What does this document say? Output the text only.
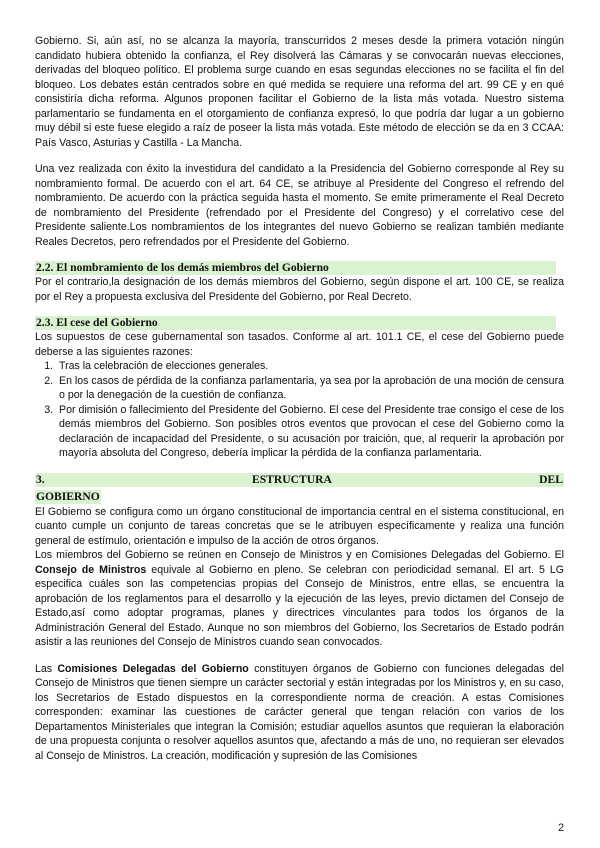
Gobierno. Si, aún así, no se alcanza la mayoría, transcurridos 2 meses desde la primera votación ningún candidato hubiera obtenido la confianza, el Rey disolverá las Cámaras y se convocarán nuevas elecciones, derivadas del bloqueo político. El problema surge cuando en esas segundas elecciones no se facilita el fin del bloqueo. Los debates están centrados sobre en qué medida se requiere una reforma del art. 99 CE y en qué consistiría dicha reforma. Algunos proponen facilitar el Gobierno de la lista más votada. Nuestro sistema parlamentario se fundamenta en el otorgamiento de confianza expresó, lo que podría dar lugar a un gobierno muy débil si este fuese elegido a raíz de poseer la lista más votada. Este método de elección se da en 3 CCAA: País Vasco, Asturias y Castilla - La Mancha.

Una vez realizada con éxito la investidura del candidato a la Presidencia del Gobierno corresponde al Rey su nombramiento formal. De acuerdo con el art. 64 CE, se atribuye al Presidente del Congreso el refrendo del nombramiento. De acuerdo con la práctica seguida hasta el momento. Se emite primeramente el Real Decreto de nombramiento del Presidente (refrendado por el Presidente del Congreso) y el correlativo cese del Presidente saliente.Los nombramientos de los integrantes del nuevo Gobierno se realizan también mediante Reales Decretos, pero refrendados por el Presidente del Gobierno.

2.2. El nombramiento de los demás miembros del Gobierno

Por el contrario,la designación de los demás miembros del Gobierno, según dispone el art. 100 CE, se realiza por el Rey a propuesta exclusiva del Presidente del Gobierno, por Real Decreto.

2.3. El cese del Gobierno

Los supuestos de cese gubernamental son tasados. Conforme al art. 101.1 CE, el cese del Gobierno puede deberse a las siguientes razones:

1. Tras la celebración de elecciones generales.
2. En los casos de pérdida de la confianza parlamentaria, ya sea por la aprobación de una moción de censura o por la denegación de la cuestión de confianza.
3. Por dimisión o fallecimiento del Presidente del Gobierno. El cese del Presidente trae consigo el cese de los demás miembros del Gobierno. Son posibles otros eventos que provocan el cese del Gobierno como la declaración de incapacidad del Presidente, o su acusación por traición, que, al requerir la aprobación por mayoría absoluta del Congreso, debería implicar la pérdida de la confianza parlamentaria.
3.	ESTRUCTURA	DEL
GOBIERNO

El Gobierno se configura como un órgano constitucional de importancia central en el sistema constitucional, en cuanto cumple un conjunto de tareas concretas que se le atribuyen específicamente y realiza una función general de estímulo, orientación e impulso de la acción de otros órganos.

Los miembros del Gobierno se reúnen en Consejo de Ministros y en Comisiones Delegadas del Gobierno. El Consejo de Ministros equivale al Gobierno en pleno. Se celebran con periodicidad semanal. El art. 5 LG especifica cuáles son las competencias propias del Consejo de Ministros, entre ellas, se encuentra la aprobación de los reglamentos para el desarrollo y la ejecución de las leyes, previo dictamen del Consejo de Estado,así como adoptar programas, planes y directrices vinculantes para todos los órganos de la Administración General del Estado. Aunque no son miembros del Gobierno, los Secretarios de Estado podrán asistir a las reuniones del Consejo de Ministros cuando sean convocados.

Las Comisiones Delegadas del Gobierno constituyen órganos de Gobierno con funciones delegadas del Consejo de Ministros que tienen siempre un carácter sectorial y están integradas por los Ministros y, en su caso, los Secretarios de Estado dispuestos en la correspondiente norma de creación. A estas Comisiones corresponden: examinar las cuestiones de carácter general que tengan relación con varios de los Departamentos Ministeriales que integran la Comisión; estudiar aquellos asuntos que requieran la elaboración de una propuesta conjunta o resolver aquellos asuntos que, afectando a más de uno, no requieran ser elevados al Consejo de Ministros. La creación, modificación y supresión de las Comisiones

2
